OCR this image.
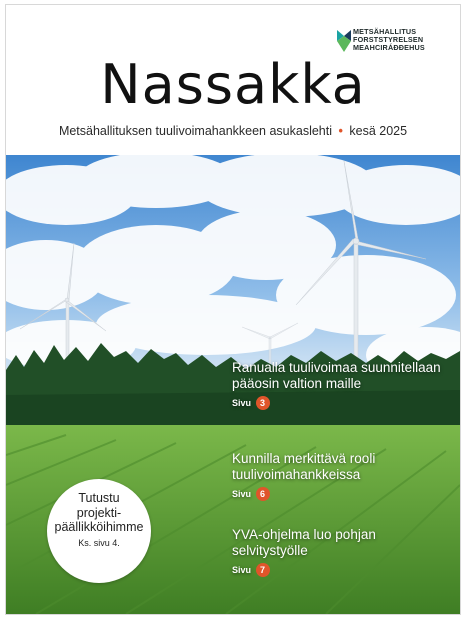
METSÄHALLITUS
FORSTSTYRELSEN
MEAHCIRÁĐĐEHUS
Nassakka
Metsähallituksen tuulivoimahankkeen asukaslehti • kesä 2025
Ranualla tuulivoimaa suunnitellaan pääosin valtion maille
Sivu 3
Kunnilla merkittävä rooli tuulivoimahankkeissa
Sivu 6
YVA-ohjelma luo pohjan selvitystyölle
Sivu 7
Tutustu
projekti-
päällikköihimme
Ks. sivu 4.
